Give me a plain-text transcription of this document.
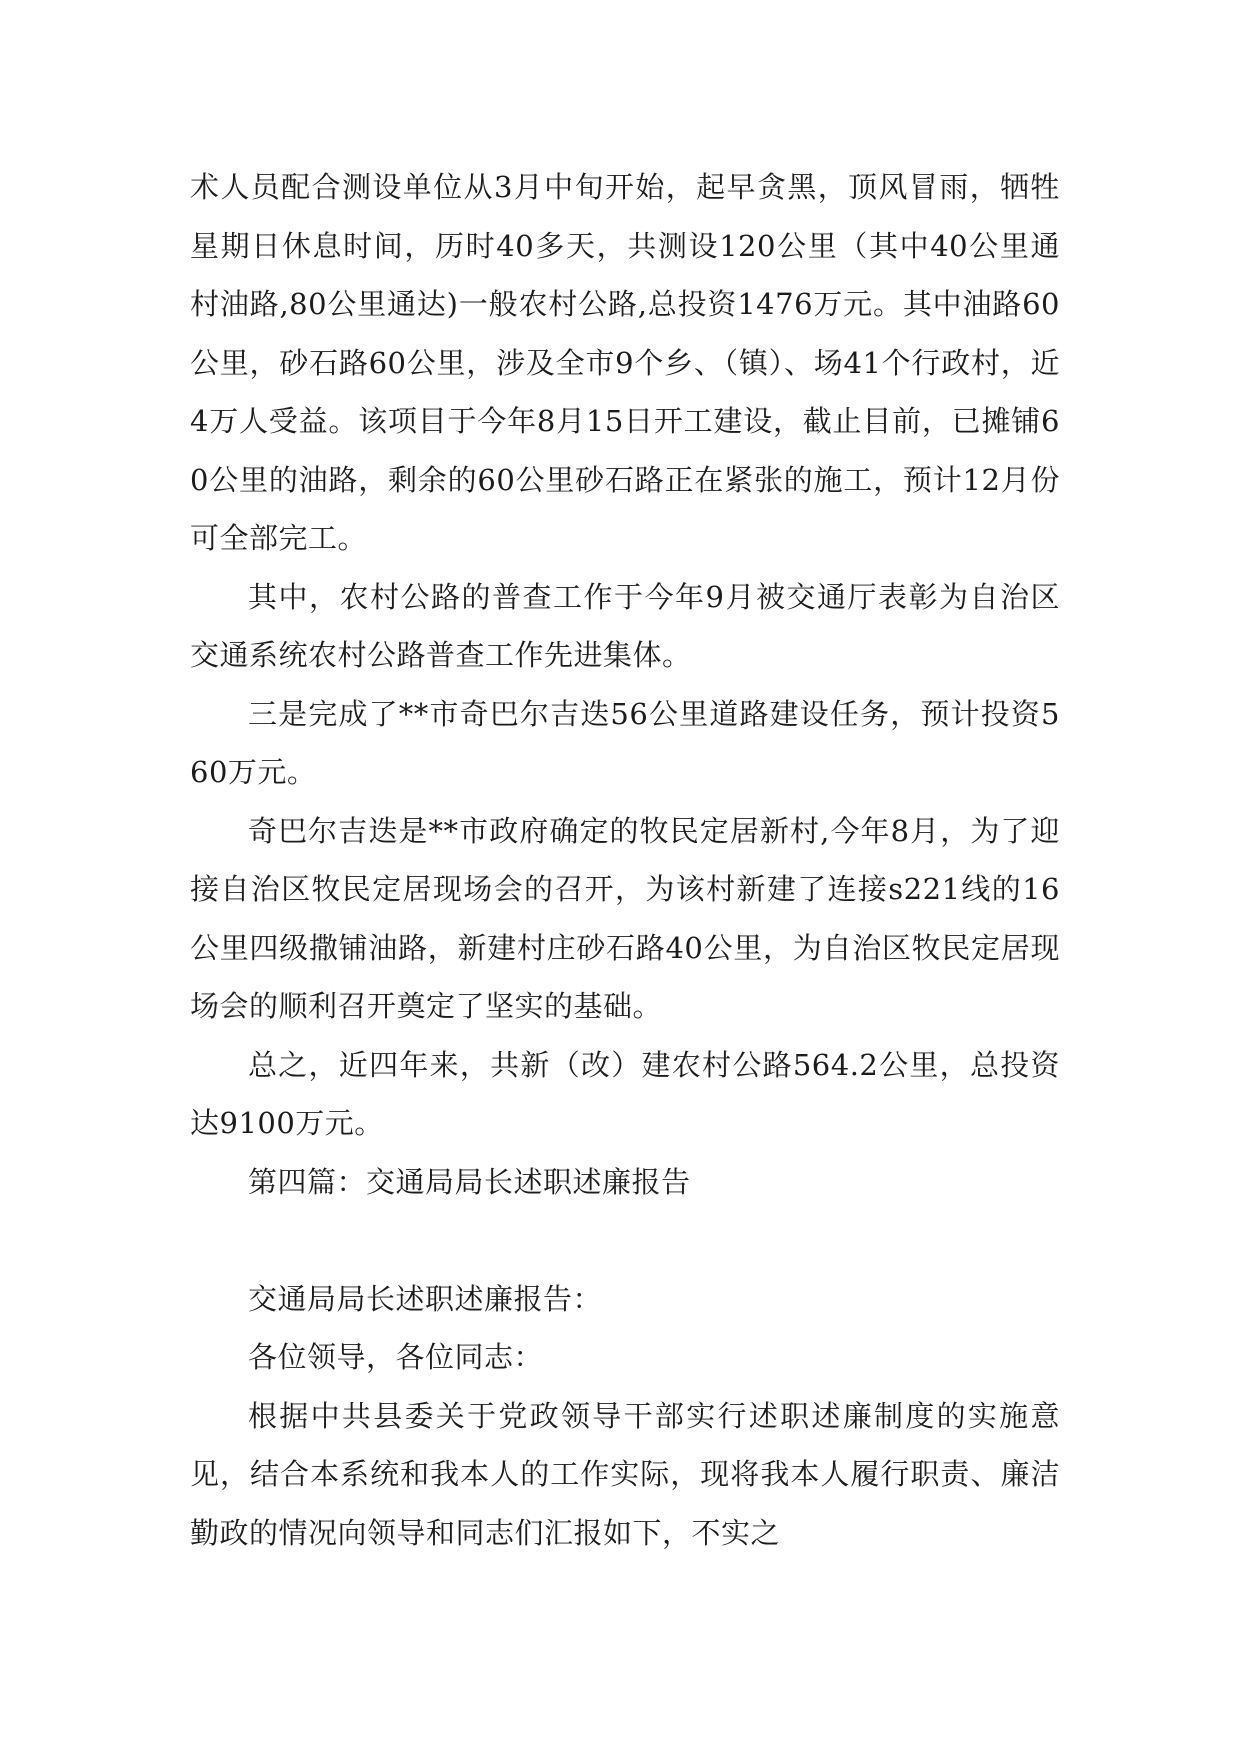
术人员配合测设单位从3月中旬开始，起早贪黑，顶风冒雨，牺牲星期日休息时间，历时40多天，共测设120公里（其中40公里通村油路,80公里通达)一般农村公路,总投资1476万元。其中油路60公里，砂石路60公里，涉及全市9个乡、（镇）、场41个行政村，近4万人受益。该项目于今年8月15日开工建设，截止目前，已摊铺60公里的油路，剩余的60公里砂石路正在紧张的施工，预计12月份可全部完工。

其中，农村公路的普查工作于今年9月被交通厅表彰为自治区交通系统农村公路普查工作先进集体。

三是完成了**市奇巴尔吉迭56公里道路建设任务，预计投资560万元。

奇巴尔吉迭是**市政府确定的牧民定居新村,今年8月，为了迎接自治区牧民定居现场会的召开，为该村新建了连接s221线的16公里四级撒铺油路，新建村庄砂石路40公里，为自治区牧民定居现场会的顺利召开奠定了坚实的基础。

总之，近四年来，共新（改）建农村公路564.2公里，总投资达9100万元。

第四篇：交通局局长述职述廉报告

交通局局长述职述廉报告：

各位领导，各位同志：

根据中共县委关于党政领导干部实行述职述廉制度的实施意见，结合本系统和我本人的工作实际，现将我本人履行职责、廉洁勤政的情况向领导和同志们汇报如下，不实之
